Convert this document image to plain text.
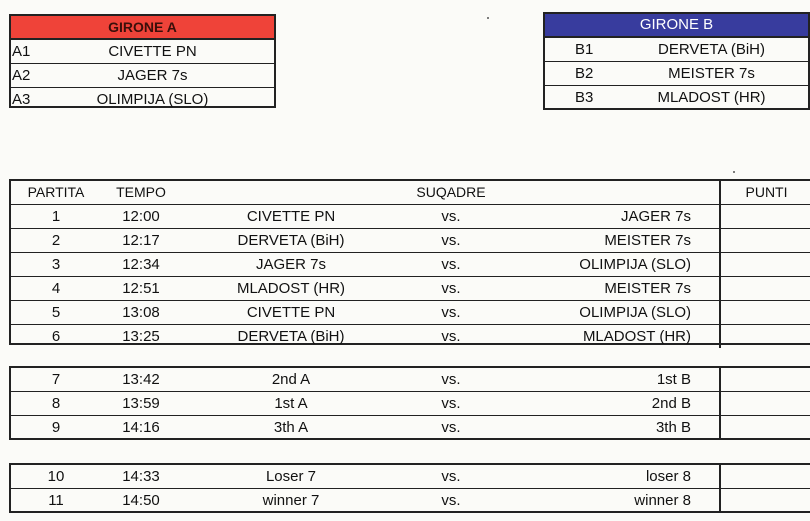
GIRONE A
A1	CIVETTE PN
A2	JAGER 7s
A3	OLIMPIJA (SLO)
GIRONE B
B1	DERVETA (BiH)
B2	MEISTER 7s
B3	MLADOST (HR)
PARTITA	TEMPO	SUQADRE	PUNTI
1	12:00	CIVETTE PN	vs.	JAGER 7s
2	12:17	DERVETA (BiH)	vs.	MEISTER 7s
3	12:34	JAGER 7s	vs.	OLIMPIJA (SLO)
4	12:51	MLADOST (HR)	vs.	MEISTER 7s
5	13:08	CIVETTE PN	vs.	OLIMPIJA (SLO)
6	13:25	DERVETA (BiH)	vs.	MLADOST (HR)
7	13:42	2nd A	vs.	1st B
8	13:59	1st A	vs.	2nd B
9	14:16	3th A	vs.	3th B
10	14:33	Loser 7	vs.	loser 8
11	14:50	winner 7	vs.	winner 8
